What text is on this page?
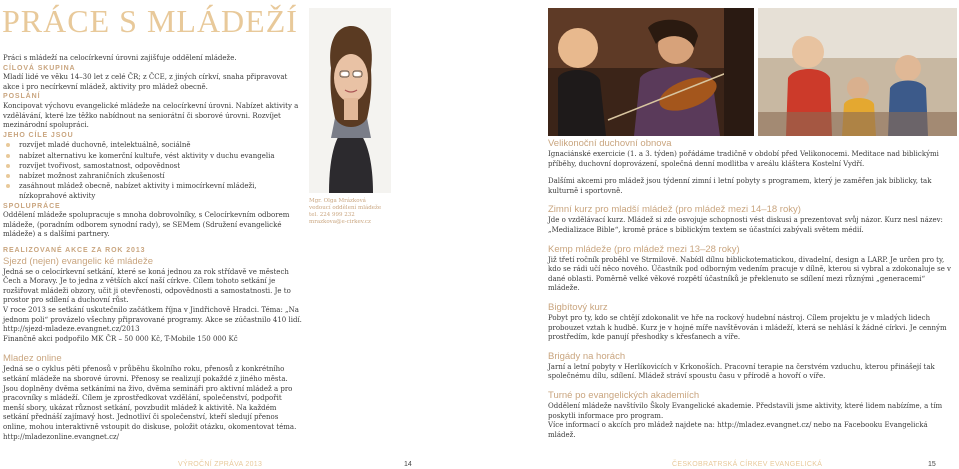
PRÁCE S MLÁDEŽÍ
Práci s mládeží na celocírkevní úrovni zajišťuje oddělení mládeže.
CÍLOVÁ SKUPINA
Mladí lidé ve věku 14–30 let z celé ČR; z ČCE, z jiných církví, snaha připravovat akce i pro necírkevní mládež, aktivity pro mládež obecně.
POSLÁNÍ
Koncipovat výchovu evangelické mládeže na celocírkevní úrovni. Nabízet aktivity a vzdělávání, které lze těžko nabídnout na seniorátní či sborové úrovni. Rozvíjet mezinárodní spolupráci.
JEHO CÍLE JSOU
rozvíjet mladé duchovně, intelektuálně, sociálně
nabízet alternativu ke komerční kultuře, vést aktivity v duchu evangelia
rozvíjet tvořivost, samostatnost, odpovědnost
nabízet možnost zahraničních zkušeností
zasáhnout mládež obecně, nabízet aktivity i mimocírkevní mládeži, nízkoprahové aktivity
SPOLUPRÁCE
Oddělení mládeže spolupracuje s mnoha dobrovolníky, s Celocírkevním odborem mládeže, (poradním odborem synodní rady), se SEMem (Sdružení evangelické mládeže) a s dalšími partnery.
Mgr. Olga Mrázková
vedoucí oddělení mládeže
tel. 224 999 232
mrazkova@e-cirkev.cz
REALIZOVANÉ AKCE ZA ROK 2013
Sjezd (nejen) evangelic ké mládeže
Jedná se o celocírkevní setkání, které se koná jednou za rok střídavě ve městech Čech a Moravy. Je to jedna z větších akcí naší církve. Cílem tohoto setkání je rozšiřovat mládeži obzory, učit ji otevřenosti, odpovědnosti a samostatnosti. Je to prostor pro sdílení a duchovní růst.
V roce 2013 se setkání uskutečnilo začátkem října v Jindřichově Hradci. Téma: „Na jednom poli“ provázelo všechny připravované programy. Akce se zúčastnilo 410 lidí.
http://sjezd-mladeze.evangnet.cz/2013
Finančně akci podpořilo MK ČR – 50 000 Kč, T-Mobile 150 000 Kč
Mladez online
Jedná se o cyklus pěti přenosů v průběhu školního roku, přenosů z konkrétního setkání mládeže na sborové úrovni. Přenosy se realizují pokaždé z jiného města. Jsou doplněny dvěma setkáními na živo, dvěma semináři pro aktivní mládež a pro pracovníky s mládeží. Cílem je zprostředkovat vzdělání, společenství, podpořit menší sbory, ukázat různost setkání, povzbudit mládež k aktivitě. Na každém setkání přednáší zajímavý host. Jednotliví či společenství, kteří sledují přenos online, mohou interaktivně vstoupit do diskuse, položit otázku, okomentovat téma.
http://mladezonline.evangnet.cz/
Velikonoční duchovní obnova
Ignaciánské exercicie (1. a 3. týden) pořádáme tradičně v období před Velikonocemi. Meditace nad biblickými příběhy, duchovní doprovázení, společná denní modlitba v areálu kláštera Kostelní Vydří.
Dalšími akcemi pro mládež jsou týdenní zimní i letní pobyty s programem, který je zaměřen jak biblicky, tak kulturně i sportovně.
Zimní kurz pro mladší mládež (pro mládež mezi 14–18 roky)
Jde o vzdělávací kurz. Mládež si zde osvojuje schopnosti vést diskusi a prezentovat svůj názor. Kurz nesl název: „Medializace Bible“, kromě práce s biblickým textem se účastníci zabývali světem médií.
Kemp mládeže (pro mládež mezi 13–28 roky)
Již třetí ročník proběhl ve Strmilově. Nabídl dílnu biblickotematickou, divadelní, design a LARP. Je určen pro ty, kdo se rádi učí něco nového. Účastník pod odborným vedením pracuje v dílně, kterou si vybral a zdokonaluje se v dané oblasti. Poměrně velké věkové rozpětí účastníků je překlenuto se sdílení mezi různými „generacemi“ mládeže.
Bigbítový kurz
Pobyt pro ty, kdo se chtějí zdokonalit ve hře na rockový hudební nástroj. Cílem projektu je v mladých lidech probouzet vztah k hudbě. Kurz je v hojné míře navštěvován i mládeží, která se nehlásí k žádné církvi. Je cenným prostředím, kde panují přeshodky s křesťanech a víře.
Brigády na horách
Jarní a letní pobyty v Herlíkovicích v Krkonoších. Pracovní terapie na čerstvém vzduchu, kterou přinášejí tak společnému dílu, sdílení. Mládež stráví spoustu času v přírodě a hovoří o víře.
Turné po evangelických akademiích
Oddělení mládeže navštívilo Školy Evangelické akademie. Představili jsme aktivity, které lidem nabízíme, a tím poskytli informace pro program.
Více informací o akcích pro mládež najdete na: http://mladez.evangnet.cz/ nebo na Facebooku Evangelická mládež.
VÝROČNÍ ZPRÁVA 2013	14	ČESKOBRATRSKÁ CÍRKEV EVANGELICKÁ	15
